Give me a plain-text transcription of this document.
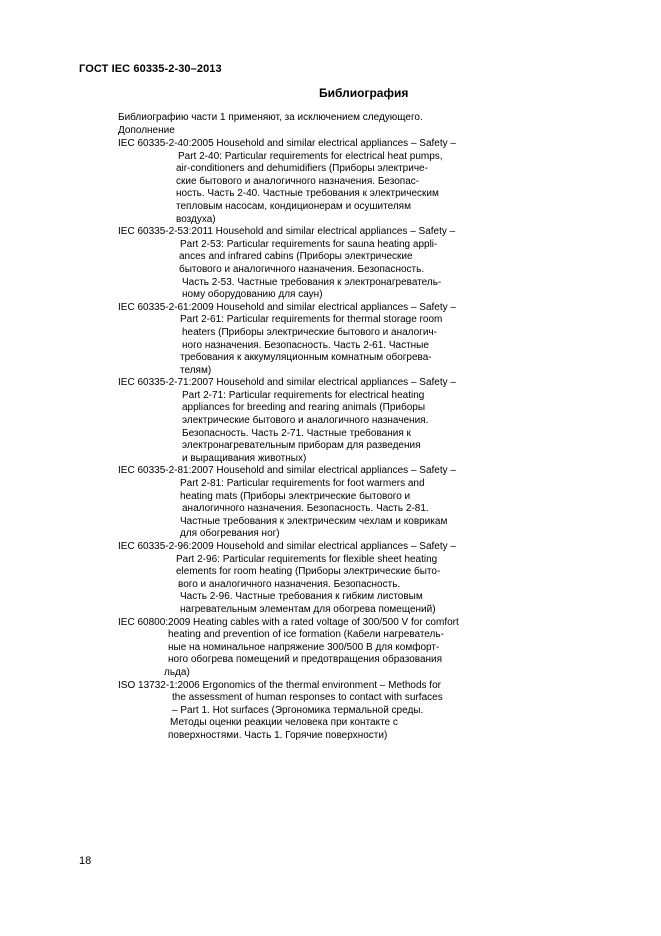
ГОСТ IEC 60335-2-30–2013
Библиография
Библиографию части 1 применяют, за исключением следующего.
Дополнение
IEC 60335-2-40:2005 Household and similar electrical appliances – Safety –
Part 2-40: Particular requirements for electrical heat pumps,
air-conditioners and dehumidifiers (Приборы электриче-
ские бытового и аналогичного назначения. Безопас-
ность. Часть 2-40. Частные требования к электрическим
тепловым насосам, кондиционерам и осушителям
воздуха)
IEC 60335-2-53:2011 Household and similar electrical appliances – Safety –
Part 2-53: Particular requirements for sauna heating appli-
ances and infrared cabins (Приборы электрические
бытового и аналогичного назначения. Безопасность.
Часть 2-53. Частные требования к электронагреватель-
ному оборудованию для саун)
IEC 60335-2-61:2009 Household and similar electrical appliances – Safety –
Part 2-61: Particular requirements for thermal storage room
heaters (Приборы электрические бытового и аналогич-
ного назначения. Безопасность. Часть 2-61. Частные
требования к аккумуляционным комнатным обогрева-
телям)
IEC 60335-2-71:2007 Household and similar electrical appliances – Safety –
Part 2-71: Particular requirements for electrical heating
appliances for breeding and rearing animals (Приборы
электрические бытового и аналогичного назначения.
Безопасность. Часть 2-71. Частные требования к
электронагревательным приборам для разведения
и выращивания животных)
IEC 60335-2-81:2007 Household and similar electrical appliances – Safety –
Part 2-81: Particular requirements for foot warmers and
heating mats (Приборы электрические бытового и
аналогичного назначения. Безопасность. Часть 2-81.
Частные требования к электрическим чехлам и коврикам
для обогревания ног)
IEC 60335-2-96:2009 Household and similar electrical appliances – Safety –
Part 2-96: Particular requirements for flexible sheet heating
elements for room heating (Приборы электрические быто-
вого и аналогичного назначения. Безопасность.
Часть 2-96. Частные требования к гибким листовым
нагревательным элементам для обогрева помещений)
IEC 60800:2009 Heating cables with a rated voltage of 300/500 V for comfort
heating and prevention of ice formation (Кабели нагреватель-
ные на номинальное напряжение 300/500 В для комфорт-
ного обогрева помещений и предотвращения образования
льда)
ISO 13732-1:2006 Ergonomics of the thermal environment – Methods for
the assessment of human responses to contact with surfaces
– Part 1. Hot surfaces (Эргономика термальной среды.
Методы оценки реакции человека при контакте с
поверхностями. Часть 1. Горячие поверхности)
18
